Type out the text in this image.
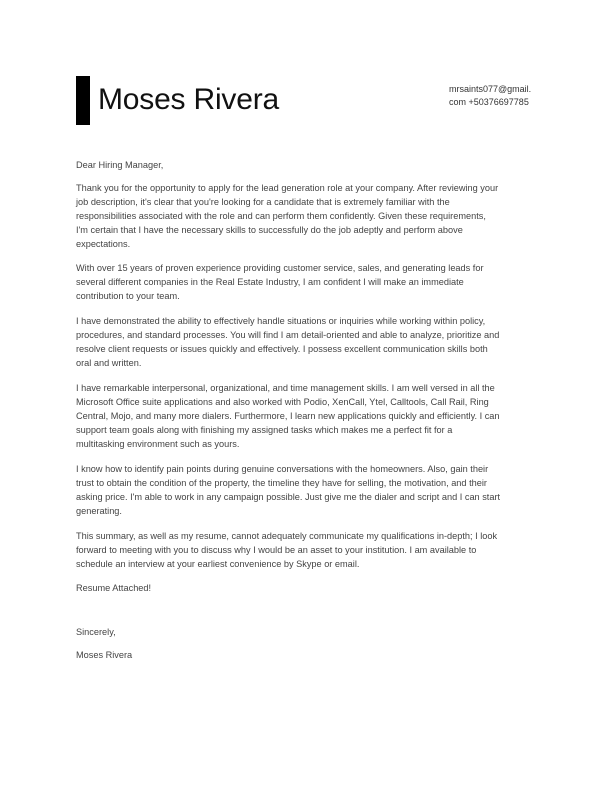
Moses Rivera	mrsaints077@gmail.
com +50376697785
Dear Hiring Manager,
Thank you for the opportunity to apply for the lead generation role at your company. After reviewing your
job description, it's clear that you're looking for a candidate that is extremely familiar with the
responsibilities associated with the role and can perform them confidently. Given these requirements,
I'm certain that I have the necessary skills to successfully do the job adeptly and perform above
expectations.
With over 15 years of proven experience providing customer service, sales, and generating leads for
several different companies in the Real Estate Industry, I am confident I will make an immediate
contribution to your team.
I have demonstrated the ability to effectively handle situations or inquiries while working within policy,
procedures, and standard processes. You will find I am detail-oriented and able to analyze, prioritize and
resolve client requests or issues quickly and effectively. I possess excellent communication skills both
oral and written.
I have remarkable interpersonal, organizational, and time management skills. I am well versed in all the
Microsoft Office suite applications and also worked with Podio, XenCall, Ytel, Calltools, Call Rail, Ring
Central, Mojo, and many more dialers. Furthermore, I learn new applications quickly and efficiently. I can
support team goals along with finishing my assigned tasks which makes me a perfect fit for a
multitasking environment such as yours.
I know how to identify pain points during genuine conversations with the homeowners. Also, gain their
trust to obtain the condition of the property, the timeline they have for selling, the motivation, and their
asking price. I'm able to work in any campaign possible. Just give me the dialer and script and I can start
generating.
This summary, as well as my resume, cannot adequately communicate my qualifications in-depth; I look
forward to meeting with you to discuss why I would be an asset to your institution. I am available to
schedule an interview at your earliest convenience by Skype or email.
Resume Attached!
Sincerely,
Moses Rivera
